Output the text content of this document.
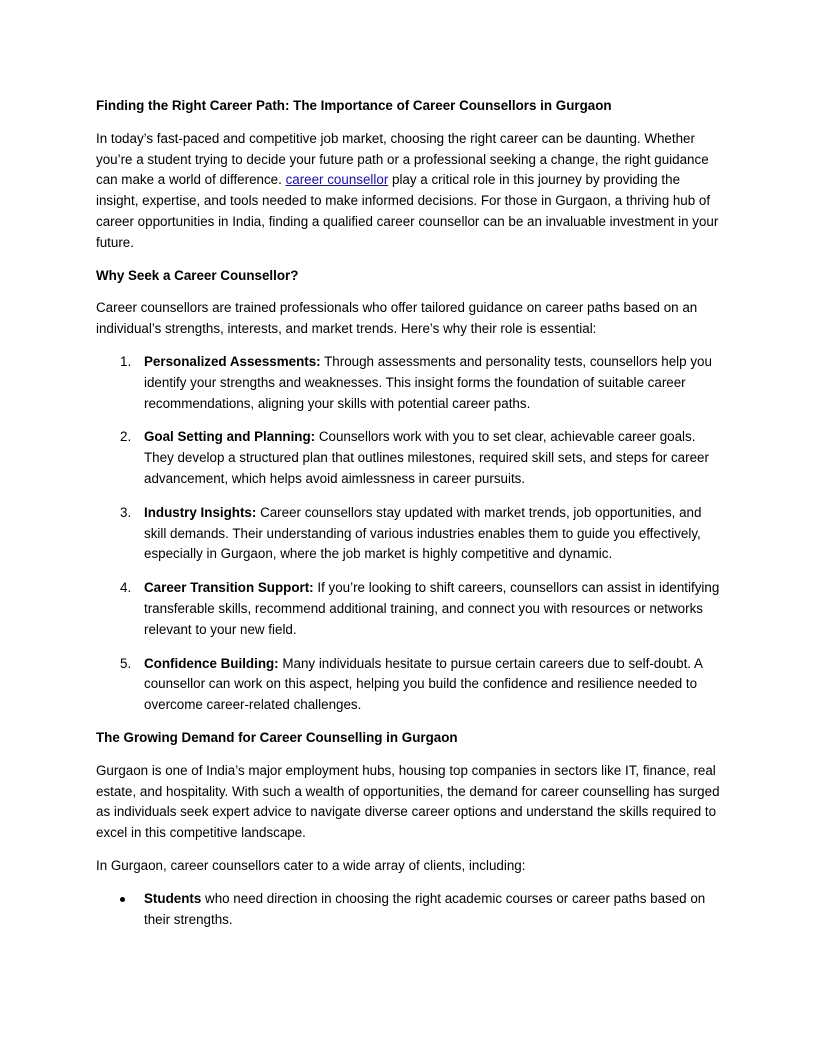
Finding the Right Career Path: The Importance of Career Counsellors in Gurgaon

In today’s fast-paced and competitive job market, choosing the right career can be daunting. Whether you’re a student trying to decide your future path or a professional seeking a change, the right guidance can make a world of difference. career counsellor play a critical role in this journey by providing the insight, expertise, and tools needed to make informed decisions. For those in Gurgaon, a thriving hub of career opportunities in India, finding a qualified career counsellor can be an invaluable investment in your future.

Why Seek a Career Counsellor?

Career counsellors are trained professionals who offer tailored guidance on career paths based on an individual’s strengths, interests, and market trends. Here’s why their role is essential:

1. Personalized Assessments: Through assessments and personality tests, counsellors help you identify your strengths and weaknesses. This insight forms the foundation of suitable career recommendations, aligning your skills with potential career paths.
2. Goal Setting and Planning: Counsellors work with you to set clear, achievable career goals. They develop a structured plan that outlines milestones, required skill sets, and steps for career advancement, which helps avoid aimlessness in career pursuits.
3. Industry Insights: Career counsellors stay updated with market trends, job opportunities, and skill demands. Their understanding of various industries enables them to guide you effectively, especially in Gurgaon, where the job market is highly competitive and dynamic.
4. Career Transition Support: If you’re looking to shift careers, counsellors can assist in identifying transferable skills, recommend additional training, and connect you with resources or networks relevant to your new field.
5. Confidence Building: Many individuals hesitate to pursue certain careers due to self-doubt. A counsellor can work on this aspect, helping you build the confidence and resilience needed to overcome career-related challenges.
The Growing Demand for Career Counselling in Gurgaon

Gurgaon is one of India’s major employment hubs, housing top companies in sectors like IT, finance, real estate, and hospitality. With such a wealth of opportunities, the demand for career counselling has surged as individuals seek expert advice to navigate diverse career options and understand the skills required to excel in this competitive landscape.

In Gurgaon, career counsellors cater to a wide array of clients, including:

Students who need direction in choosing the right academic courses or career paths based on their strengths.
